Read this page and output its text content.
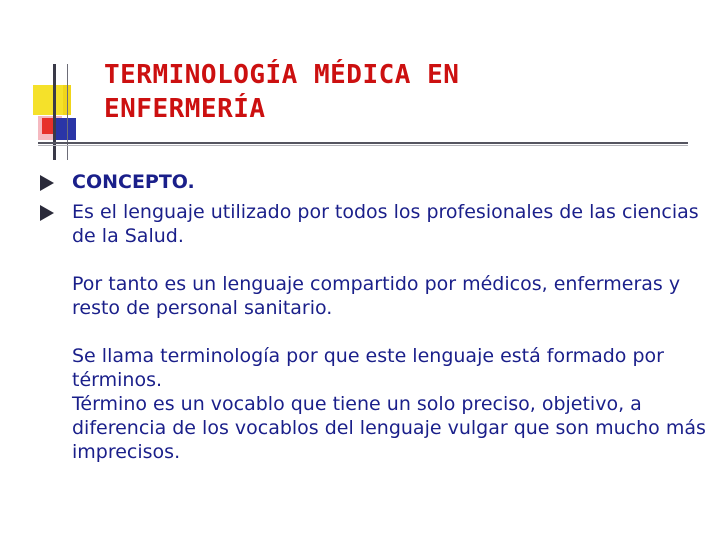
TERMINOLOGÍA MÉDICA EN
ENFERMERÍA
CONCEPTO.

Es el lenguaje utilizado por todos los profesionales de las ciencias de la Salud.

Por tanto es un lenguaje compartido por médicos, enfermeras y resto de personal sanitario.

Se llama terminología por que este lenguaje está formado por términos.

Término es un vocablo que tiene un solo preciso, objetivo, a diferencia de los vocablos del lenguaje vulgar que son mucho más imprecisos.
